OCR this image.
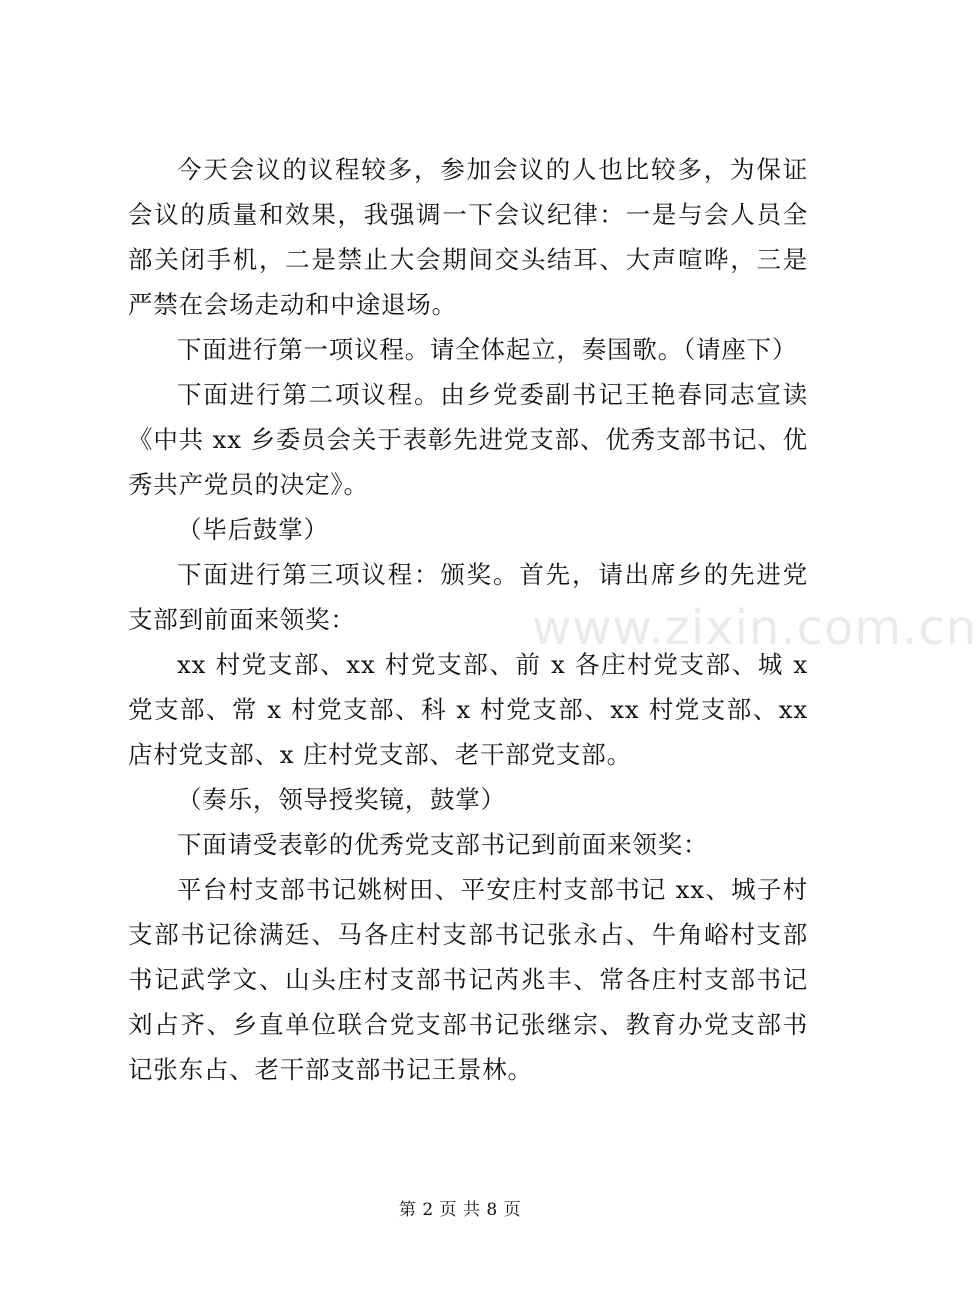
www.zixin.com.cn

今天会议的议程较多，参加会议的人也比较多，为保证会议的质量和效果，我强调一下会议纪律：一是与会人员全部关闭手机，二是禁止大会期间交头结耳、大声喧哗，三是严禁在会场走动和中途退场。

下面进行第一项议程。请全体起立，奏国歌。（请座下）

下面进行第二项议程。由乡党委副书记王艳春同志宣读《中共 xx 乡委员会关于表彰先进党支部、优秀支部书记、优秀共产党员的决定》。

（毕后鼓掌）

下面进行第三项议程：颁奖。首先，请出席乡的先进党支部到前面来领奖：

xx 村党支部、xx 村党支部、前 x 各庄村党支部、城 x 党支部、常 x 村党支部、科 x 村党支部、xx 村党支部、xx 店村党支部、x 庄村党支部、老干部党支部。

（奏乐，领导授奖镜，鼓掌）

下面请受表彰的优秀党支部书记到前面来领奖：

平台村支部书记姚树田、平安庄村支部书记 xx、城子村支部书记徐满廷、马各庄村支部书记张永占、牛角峪村支部书记武学文、山头庄村支部书记芮兆丰、常各庄村支部书记刘占齐、乡直单位联合党支部书记张继宗、教育办党支部书记张东占、老干部支部书记王景林。

第 2 页 共 8 页
